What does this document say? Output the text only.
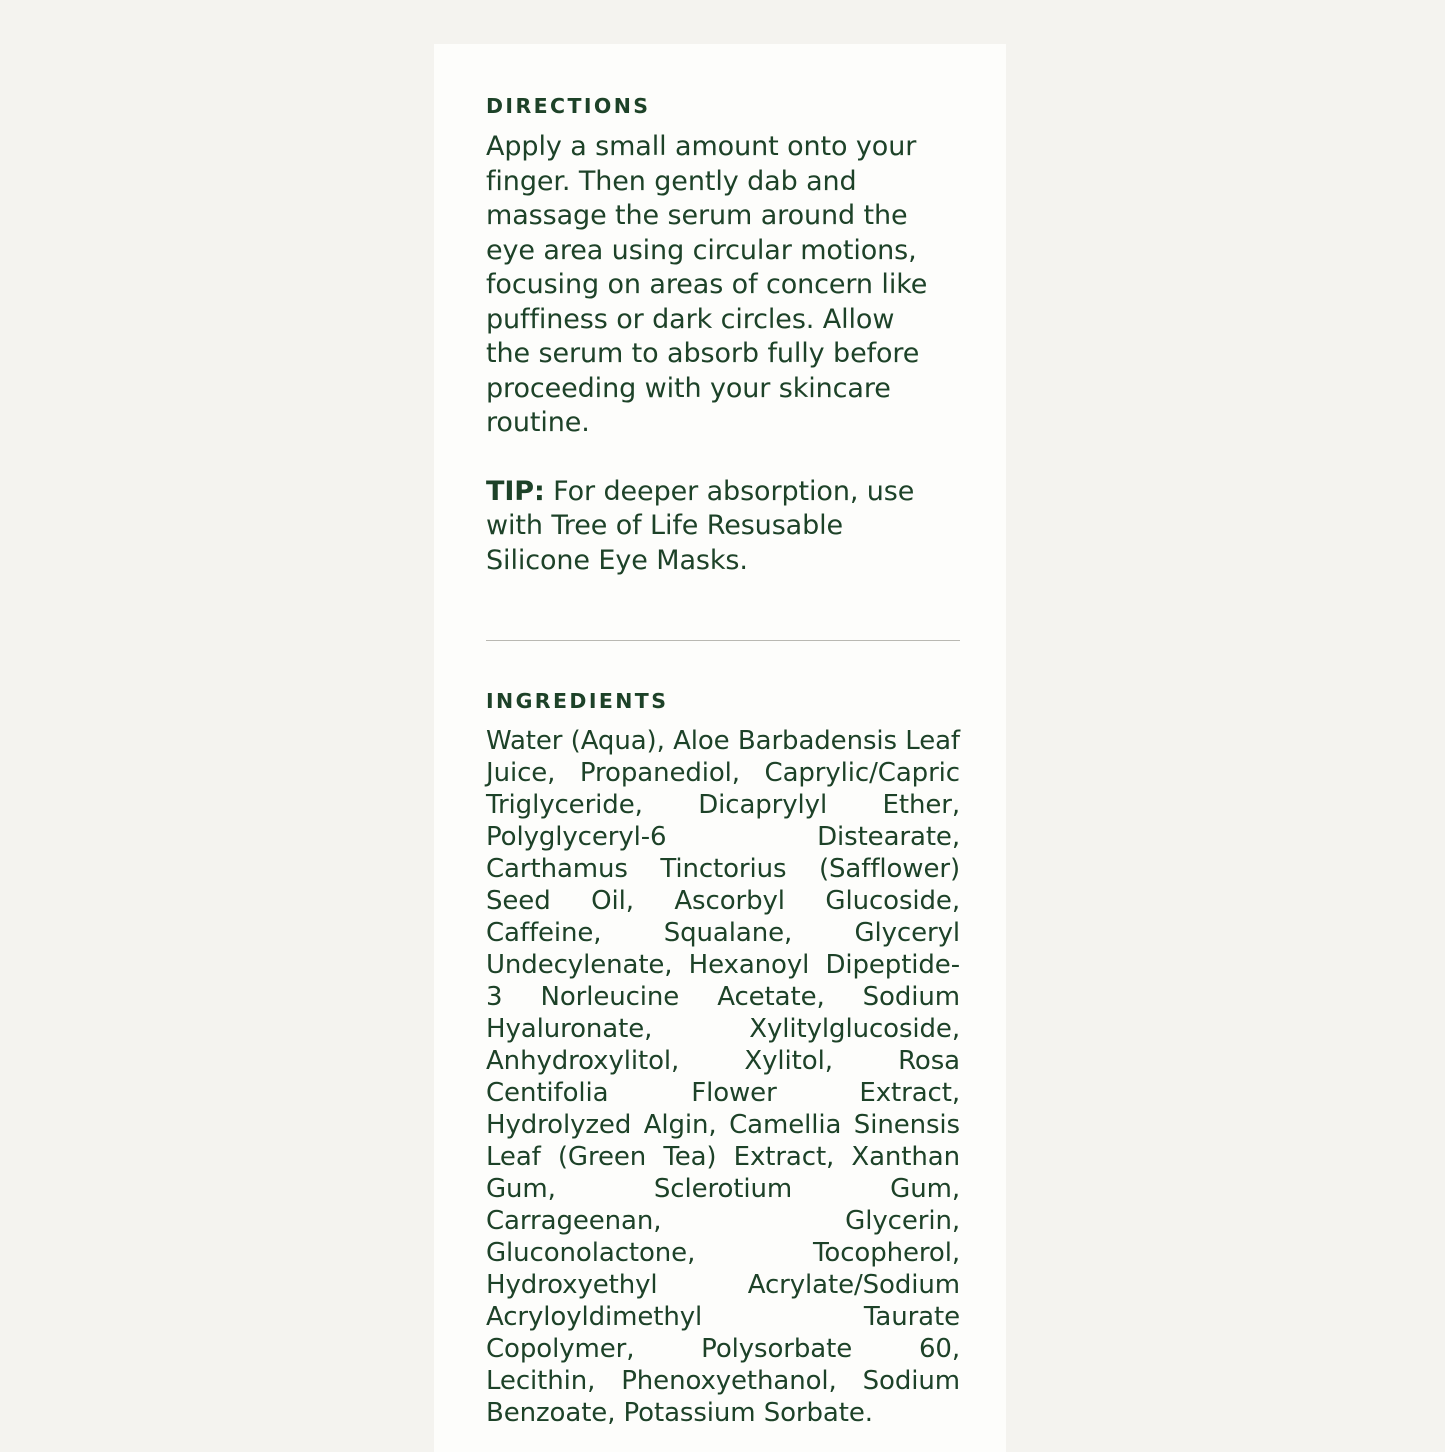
DIRECTIONS

Apply a small amount onto your finger. Then gently dab and massage the serum around the eye area using circular motions, focusing on areas of concern like puffiness or dark circles. Allow the serum to absorb fully before proceeding with your skincare routine.

TIP: For deeper absorption, use with Tree of Life Resusable Silicone Eye Masks.

INGREDIENTS

Water (Aqua), Aloe Barbadensis Leaf Juice, Propanediol, Caprylic/Capric Triglyceride, Dicaprylyl Ether, Polyglyceryl-6 Distearate, Carthamus Tinctorius (Safflower) Seed Oil, Ascorbyl Glucoside, Caffeine, Squalane, Glyceryl Undecylenate, Hexanoyl Dipeptide-3 Norleucine Acetate, Sodium Hyaluronate, Xylitylglucoside, Anhydroxylitol, Xylitol, Rosa Centifolia Flower Extract, Hydrolyzed Algin, Camellia Sinensis Leaf (Green Tea) Extract, Xanthan Gum, Sclerotium Gum, Carrageenan, Glycerin, Gluconolactone, Tocopherol, Hydroxyethyl Acrylate/Sodium Acryloyldimethyl Taurate Copolymer, Polysorbate 60, Lecithin, Phenoxyethanol, Sodium Benzoate, Potassium Sorbate.
